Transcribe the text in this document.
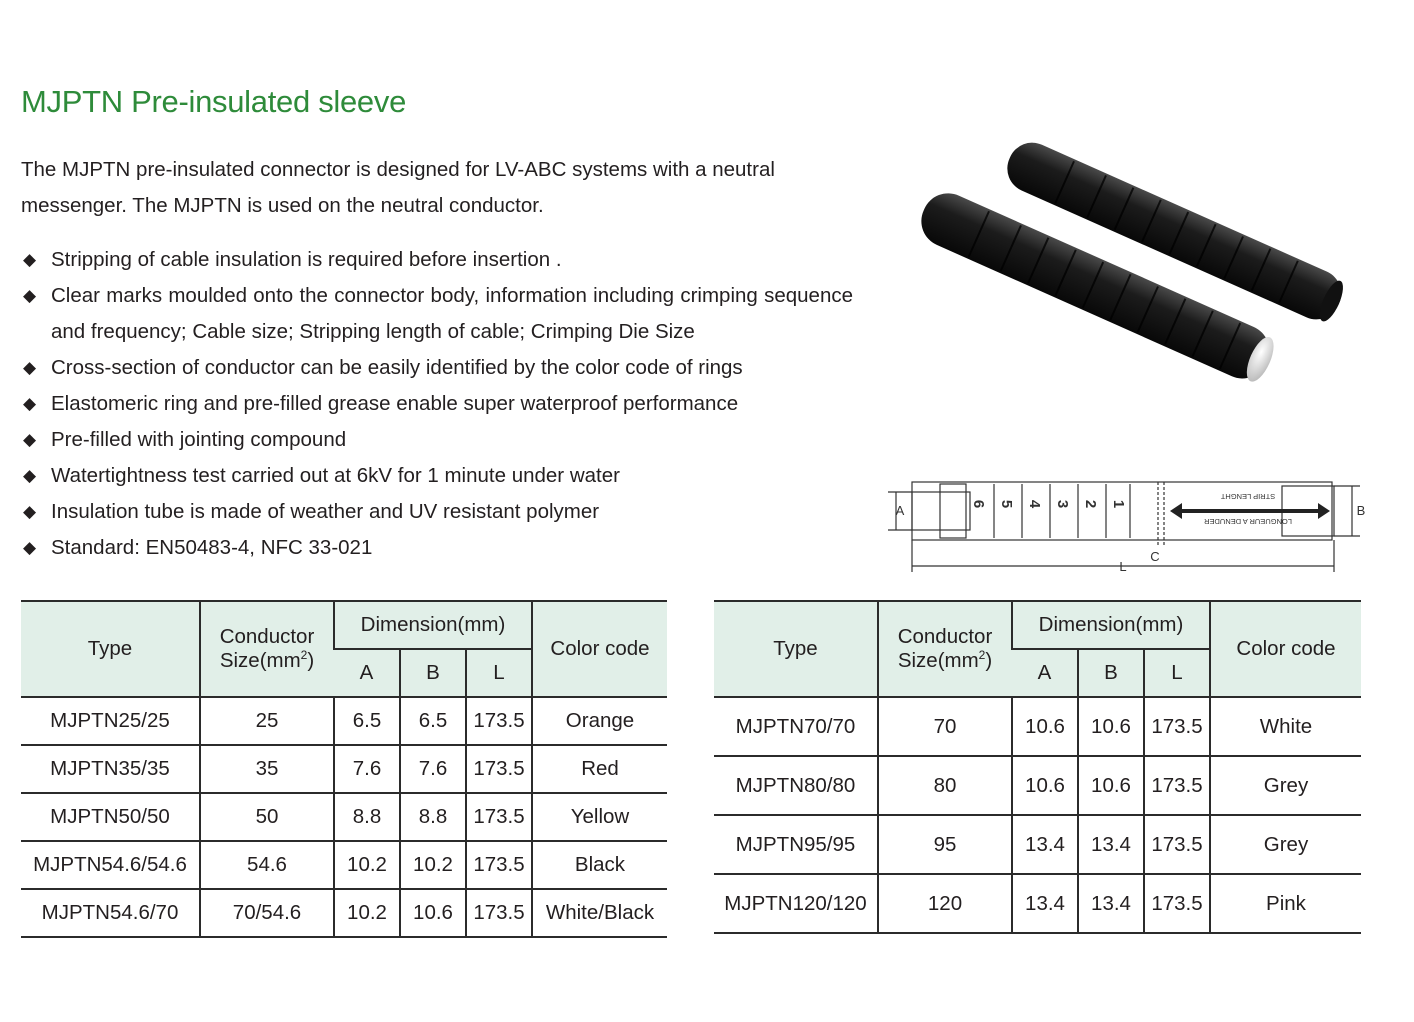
MJPTN Pre-insulated sleeve

The MJPTN pre-insulated connector is designed for LV-ABC systems with a neutral

messenger. The MJPTN is used on the neutral conductor.

◆ Stripping of cable insulation is required before insertion .
◆ Clear marks moulded onto the connector body, information including crimping sequence and frequency; Cable size; Stripping length of cable; Crimping Die Size
◆ Cross-section of conductor can be easily identified by the color code of rings
◆ Elastomeric ring and pre-filled grease enable super waterproof performance
◆ Pre-filled with jointing compound
◆ Watertightness test carried out at 6kV for 1 minute under water
◆ Insulation tube is made of weather and UV resistant polymer
◆ Standard: EN50483-4, NFC 33-021
A	B
C
L
6 5 4 3 2 1
LONGUEUR A DENUDER
STRIP LENGHT
Type	Conductor
$Size(mm^2)$	Dimension(mm)			Color code
		A	B	L	
MJPTN25/25	25	6.5	6.5	173.5	Orange
MJPTN35/35	35	7.6	7.6	173.5	Red
MJPTN50/50	50	8.8	8.8	173.5	Yellow
MJPTN54.6/54.6	54.6	10.2	10.2	173.5	Black
MJPTN54.6/70	70/54.6	10.2	10.6	173.5	White/Black
Type	Conductor
$Size(mm^2)$	Dimension(mm)			Color code
		A	B	L	
MJPTN70/70	70	10.6	10.6	173.5	White
MJPTN80/80	80	10.6	10.6	173.5	Grey
MJPTN95/95	95	13.4	13.4	173.5	Grey
MJPTN120/120	120	13.4	13.4	173.5	Pink
